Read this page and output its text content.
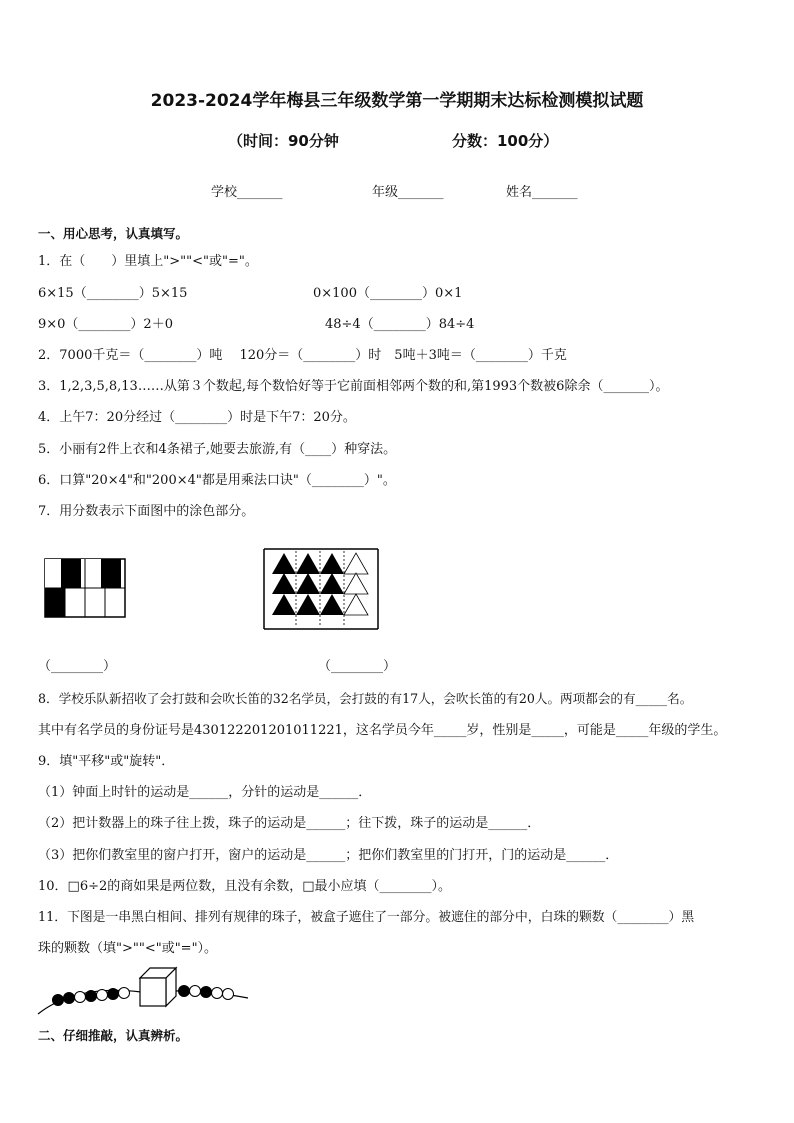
2023-2024学年梅县三年级数学第一学期期末达标检测模拟试题
（时间：90分钟	分数：100分）
学校_______	年级_______	姓名_______
一、用心思考，认真填写。
1．在（　　）里填上">""<"或"="。
6×15（________）5×15	0×100（________）0×1
9×0（________）2＋0	48÷4（________）84÷4
2．7000千克＝（________）吨　 120分＝（________）时　5吨＋3吨＝（________）千克
3．1,2,3,5,8,13……从第３个数起,每个数恰好等于它前面相邻两个数的和,第1993个数被6除余（_______）。
4．上午7：20分经过（________）时是下午7：20分。
5．小丽有2件上衣和4条裙子,她要去旅游,有（____）种穿法。
6．口算"20×4"和"200×4"都是用乘法口诀"（________）"。
7．用分数表示下面图中的涂色部分。
（________）	（________）
8．学校乐队新招收了会打鼓和会吹长笛的32名学员，会打鼓的有17人，会吹长笛的有20人。两项都会的有_____名。
其中有名学员的身份证号是430122201201011221，这名学员今年_____岁，性别是_____，可能是_____年级的学生。
9．填"平移"或"旋转"．
（1）钟面上时针的运动是______，分针的运动是______．
（2）把计数器上的珠子往上拨，珠子的运动是______；往下拨，珠子的运动是______．
（3）把你们教室里的窗户打开，窗户的运动是______；把你们教室里的门打开，门的运动是______．
10．□6÷2的商如果是两位数，且没有余数，□最小应填（________）。
11．下图是一串黑白相间、排列有规律的珠子，被盒子遮住了一部分。被遮住的部分中，白珠的颗数（________）黑
珠的颗数（填">""<"或"="）。
二、仔细推敲，认真辨析。
